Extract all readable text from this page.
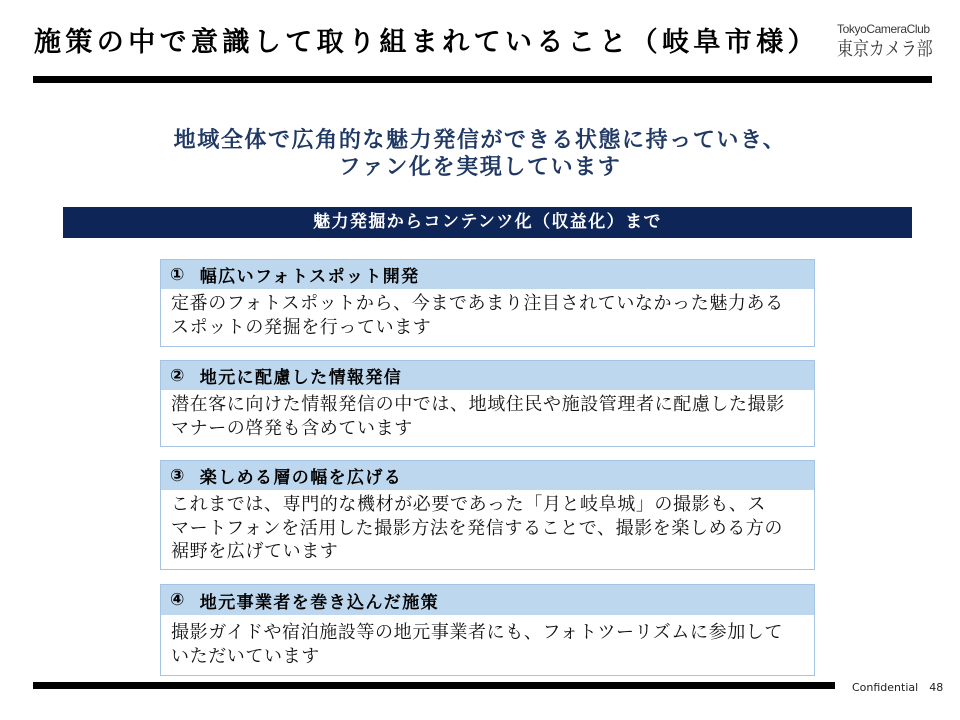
施策の中で意識して取り組まれていること（岐阜市様） TokyoCameraClub
東京カメラ部
地域全体で広角的な魅力発信ができる状態に持っていき、
ファン化を実現しています
魅力発掘からコンテンツ化（収益化）まで
① 幅広いフォトスポット開発
定番のフォトスポットから、今まであまり注目されていなかった魅力ある
スポットの発掘を行っています
② 地元に配慮した情報発信
潜在客に向けた情報発信の中では、地域住民や施設管理者に配慮した撮影
マナーの啓発も含めています
③ 楽しめる層の幅を広げる
これまでは、専門的な機材が必要であった「月と岐阜城」の撮影も、ス
マートフォンを活用した撮影方法を発信することで、撮影を楽しめる方の
裾野を広げています
④ 地元事業者を巻き込んだ施策
撮影ガイドや宿泊施設等の地元事業者にも、フォトツーリズムに参加して
いただいています
Confidential 48
